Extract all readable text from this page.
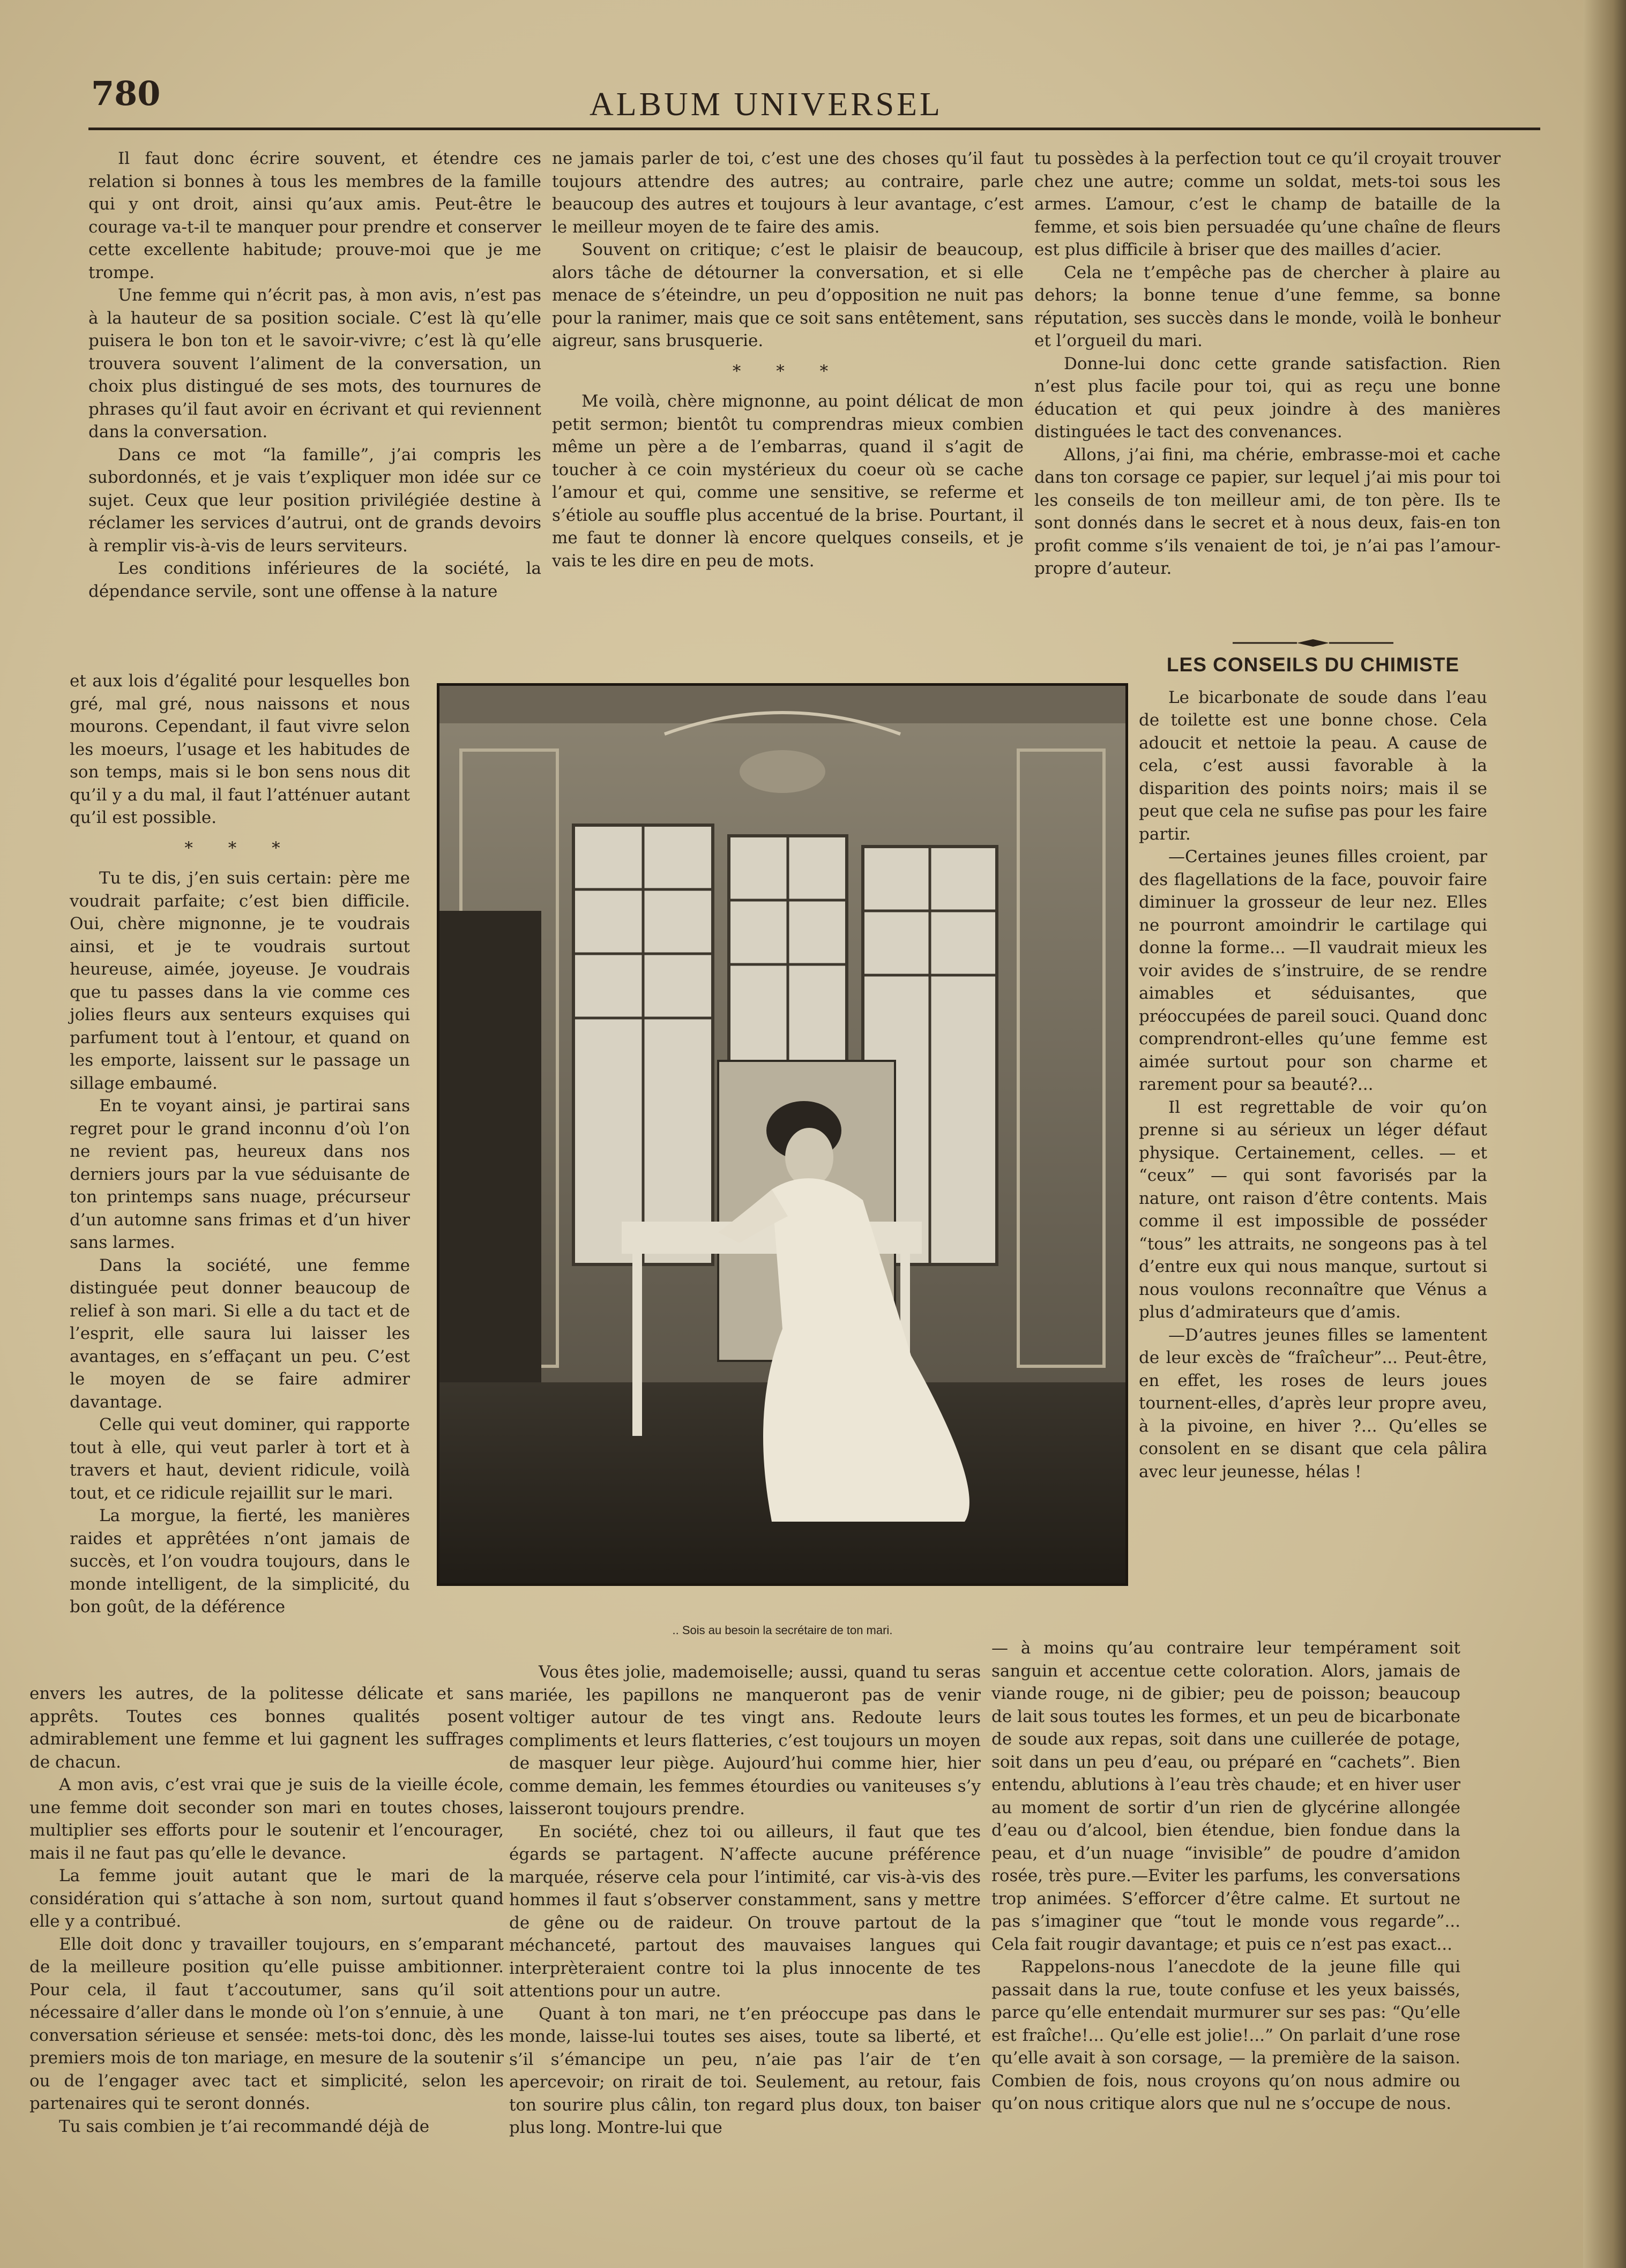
780	ALBUM UNIVERSEL

Il faut donc écrire souvent, et étendre ces relation si bonnes à tous les membres de la famille qui y ont droit, ainsi qu’aux amis. Peut-être le courage va-t-il te manquer pour prendre et conserver cette excellente habitude; prouve-moi que je me trompe.

Une femme qui n’écrit pas, à mon avis, n’est pas à la hauteur de sa position sociale. C’est là qu’elle puisera le bon ton et le savoir-vivre; c’est là qu’elle trouvera souvent l’aliment de la conversation, un choix plus distingué de ses mots, des tournures de phrases qu’il faut avoir en écrivant et qui reviennent dans la conversation.

Dans ce mot “la famille”, j’ai compris les subordonnés, et je vais t’expliquer mon idée sur ce sujet. Ceux que leur position privilégiée destine à réclamer les services d’autrui, ont de grands devoirs à remplir vis-à-vis de leurs serviteurs.

Les conditions inférieures de la société, la dépendance servile, sont une offense à la nature

et aux lois d’égalité pour lesquelles bon gré, mal gré, nous naissons et nous mourons. Cependant, il faut vivre selon les moeurs, l’usage et les habitudes de son temps, mais si le bon sens nous dit qu’il y a du mal, il faut l’atténuer autant qu’il est possible.

* * *

Tu te dis, j’en suis certain: père me voudrait parfaite; c’est bien difficile. Oui, chère mignonne, je te voudrais ainsi, et je te voudrais surtout heureuse, aimée, joyeuse. Je voudrais que tu passes dans la vie comme ces jolies fleurs aux senteurs exquises qui parfument tout à l’entour, et quand on les emporte, laissent sur le passage un sillage embaumé.

En te voyant ainsi, je partirai sans regret pour le grand inconnu d’où l’on ne revient pas, heureux dans nos derniers jours par la vue séduisante de ton printemps sans nuage, précurseur d’un automne sans frimas et d’un hiver sans larmes.

Dans la société, une femme distinguée peut donner beaucoup de relief à son mari. Si elle a du tact et de l’esprit, elle saura lui laisser les avantages, en s’effaçant un peu. C’est le moyen de se faire admirer davantage.

Celle qui veut dominer, qui rapporte tout à elle, qui veut parler à tort et à travers et haut, devient ridicule, voilà tout, et ce ridicule rejaillit sur le mari.

La morgue, la fierté, les manières raides et apprêtées n’ont jamais de succès, et l’on voudra toujours, dans le monde intelligent, de la simplicité, du bon goût, de la déférence

envers les autres, de la politesse délicate et sans apprêts. Toutes ces bonnes qualités posent admirablement une femme et lui gagnent les suffrages de chacun.

A mon avis, c’est vrai que je suis de la vieille école, une femme doit seconder son mari en toutes choses, multiplier ses efforts pour le soutenir et l’encourager, mais il ne faut pas qu’elle le devance.

La femme jouit autant que le mari de la considération qui s’attache à son nom, surtout quand elle y a contribué.

Elle doit donc y travailler toujours, en s’emparant de la meilleure position qu’elle puisse ambitionner. Pour cela, il faut t’accoutumer, sans qu’il soit nécessaire d’aller dans le monde où l’on s’ennuie, à une conversation sérieuse et sensée: mets-toi donc, dès les premiers mois de ton mariage, en mesure de la soutenir ou de l’engager avec tact et simplicité, selon les partenaires qui te seront donnés.

Tu sais combien je t’ai recommandé déjà de

ne jamais parler de toi, c’est une des choses qu’il faut toujours attendre des autres; au contraire, parle beaucoup des autres et toujours à leur avantage, c’est le meilleur moyen de te faire des amis.

Souvent on critique; c’est le plaisir de beaucoup, alors tâche de détourner la conversation, et si elle menace de s’éteindre, un peu d’opposition ne nuit pas pour la ranimer, mais que ce soit sans entêtement, sans aigreur, sans brusquerie.

* * *

Me voilà, chère mignonne, au point délicat de mon petit sermon; bientôt tu comprendras mieux combien même un père a de l’embarras, quand il s’agit de toucher à ce coin mystérieux du coeur où se cache l’amour et qui, comme une sensitive, se referme et s’étiole au souffle plus accentué de la brise. Pourtant, il me faut te donner là encore quelques conseils, et je vais te les dire en peu de mots.

Vous êtes jolie, mademoiselle; aussi, quand tu seras mariée, les papillons ne manqueront pas de venir voltiger autour de tes vingt ans. Redoute leurs compliments et leurs flatteries, c’est toujours un moyen de masquer leur piège. Aujourd’hui comme hier, hier comme demain, les femmes étourdies ou vaniteuses s’y laisseront toujours prendre.

En société, chez toi ou ailleurs, il faut que tes égards se partagent. N’affecte aucune préférence marquée, réserve cela pour l’intimité, car vis-à-vis des hommes il faut s’observer constamment, sans y mettre de gêne ou de raideur. On trouve partout de la méchanceté, partout des mauvaises langues qui interprèteraient contre toi la plus innocente de tes attentions pour un autre.

Quant à ton mari, ne t’en préoccupe pas dans le monde, laisse-lui toutes ses aises, toute sa liberté, et s’il s’émancipe un peu, n’aie pas l’air de t’en apercevoir; on rirait de toi. Seulement, au retour, fais ton sourire plus câlin, ton regard plus doux, ton baiser plus long. Montre-lui que

tu possèdes à la perfection tout ce qu’il croyait trouver chez une autre; comme un soldat, mets-toi sous les armes. L’amour, c’est le champ de bataille de la femme, et sois bien persuadée qu’une chaîne de fleurs est plus difficile à briser que des mailles d’acier.

Cela ne t’empêche pas de chercher à plaire au dehors; la bonne tenue d’une femme, sa bonne réputation, ses succès dans le monde, voilà le bonheur et l’orgueil du mari.

Donne-lui donc cette grande satisfaction. Rien n’est plus facile pour toi, qui as reçu une bonne éducation et qui peux joindre à des manières distinguées le tact des convenances.

Allons, j’ai fini, ma chérie, embrasse-moi et cache dans ton corsage ce papier, sur lequel j’ai mis pour toi les conseils de ton meilleur ami, de ton père. Ils te sont donnés dans le secret et à nous deux, fais-en ton profit comme s’ils venaient de toi, je n’ai pas l’amour-propre d’auteur.

LES CONSEILS DU CHIMISTE

Le bicarbonate de soude dans l’eau de toilette est une bonne chose. Cela adoucit et nettoie la peau. A cause de cela, c’est aussi favorable à la disparition des points noirs; mais il se peut que cela ne sufise pas pour les faire partir.

—Certaines jeunes filles croient, par des flagellations de la face, pouvoir faire diminuer la grosseur de leur nez. Elles ne pourront amoindrir le cartilage qui donne la forme... —Il vaudrait mieux les voir avides de s’instruire, de se rendre aimables et séduisantes, que préoccupées de pareil souci. Quand donc comprendront-elles qu’une femme est aimée surtout pour son charme et rarement pour sa beauté?...

Il est regrettable de voir qu’on prenne si au sérieux un léger défaut physique. Certainement, celles. — et “ceux” — qui sont favorisés par la nature, ont raison d’être contents. Mais comme il est impossible de posséder “tous” les attraits, ne songeons pas à tel d’entre eux qui nous manque, surtout si nous voulons reconnaître que Vénus a plus d’admirateurs que d’amis.

—D’autres jeunes filles se lamentent de leur excès de “fraîcheur”... Peut-être, en effet, les roses de leurs joues tournent-elles, d’après leur propre aveu, à la pivoine, en hiver ?... Qu’elles se consolent en se disant que cela pâlira avec leur jeunesse, hélas !

— à moins qu’au contraire leur tempérament soit sanguin et accentue cette coloration. Alors, jamais de viande rouge, ni de gibier; peu de poisson; beaucoup de lait sous toutes les formes, et un peu de bicarbonate de soude aux repas, soit dans une cuillerée de potage, soit dans un peu d’eau, ou préparé en “cachets”. Bien entendu, ablutions à l’eau très chaude; et en hiver user au moment de sortir d’un rien de glycérine allongée d’eau ou d’alcool, bien étendue, bien fondue dans la peau, et d’un nuage “invisible” de poudre d’amidon rosée, très pure.—Eviter les parfums, les conversations trop animées. S’efforcer d’être calme. Et surtout ne pas s’imaginer que “tout le monde vous regarde”... Cela fait rougir davantage; et puis ce n’est pas exact...

Rappelons-nous l’anecdote de la jeune fille qui passait dans la rue, toute confuse et les yeux baissés, parce qu’elle entendait murmurer sur ses pas: “Qu’elle est fraîche!... Qu’elle est jolie!...” On parlait d’une rose qu’elle avait à son corsage, — la première de la saison. Combien de fois, nous croyons qu’on nous admire ou qu’on nous critique alors que nul ne s’occupe de nous.

.. Sois au besoin la secrétaire de ton mari.
